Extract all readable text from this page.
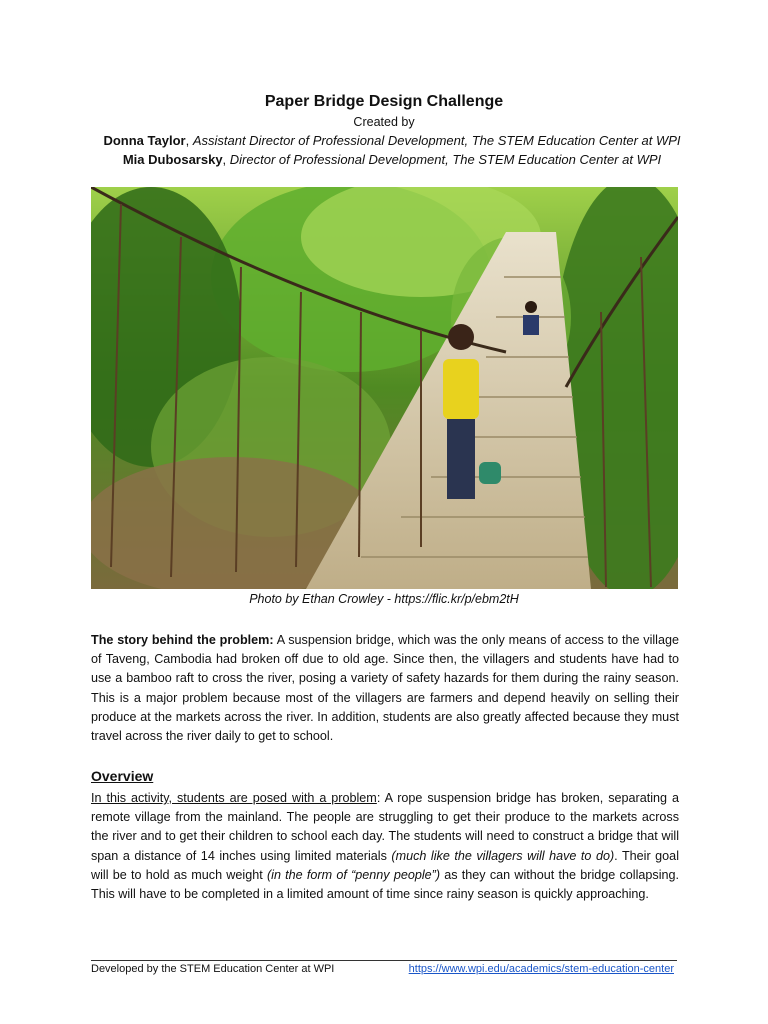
Paper Bridge Design Challenge
Created by
Donna Taylor, Assistant Director of Professional Development, The STEM Education Center at WPI
Mia Dubosarsky, Director of Professional Development, The STEM Education Center at WPI
Photo by Ethan Crowley - https://flic.kr/p/ebm2tH

The story behind the problem: A suspension bridge, which was the only means of access to the village of Taveng, Cambodia had broken off due to old age. Since then, the villagers and students have had to use a bamboo raft to cross the river, posing a variety of safety hazards for them during the rainy season. This is a major problem because most of the villagers are farmers and depend heavily on selling their produce at the markets across the river. In addition, students are also greatly affected because they must travel across the river daily to get to school.

Overview

In this activity, students are posed with a problem: A rope suspension bridge has broken, separating a remote village from the mainland. The people are struggling to get their produce to the markets across the river and to get their children to school each day. The students will need to construct a bridge that will span a distance of 14 inches using limited materials (much like the villagers will have to do). Their goal will be to hold as much weight (in the form of “penny people”) as they can without the bridge collapsing. This will have to be completed in a limited amount of time since rainy season is quickly approaching.

Developed by the STEM Education Center at WPI	https://www.wpi.edu/academics/stem-education-center
